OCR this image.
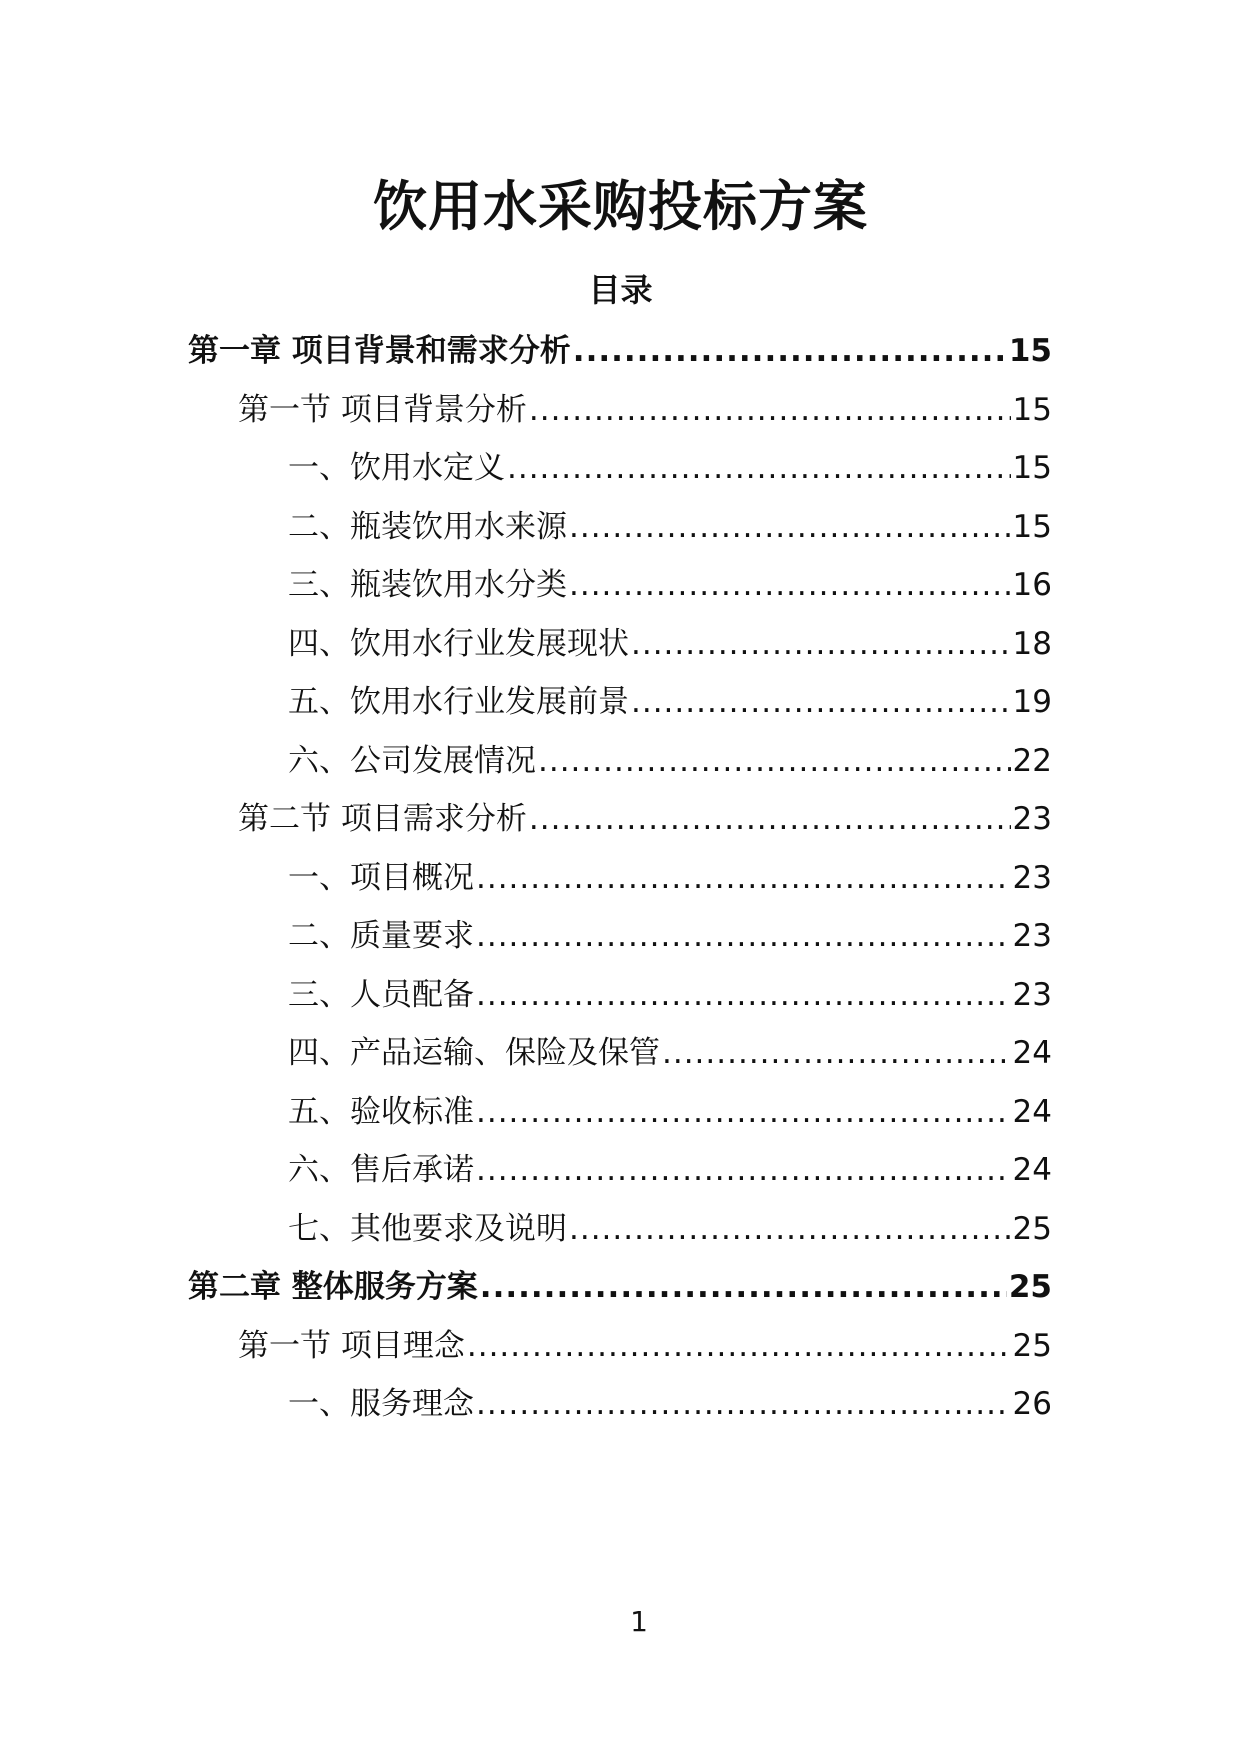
饮用水采购投标方案
目录
第一章 项目背景和需求分析 .....	15
第一节 项目背景分析 .....	15
一、饮用水定义 .....	15
二、瓶装饮用水来源 .....	15
三、瓶装饮用水分类 .....	16
四、饮用水行业发展现状 .....	18
五、饮用水行业发展前景 .....	19
六、公司发展情况 .....	22
第二节 项目需求分析 .....	23
一、项目概况 .....	23
二、质量要求 .....	23
三、人员配备 .....	23
四、产品运输、保险及保管 .....	24
五、验收标准 .....	24
六、售后承诺 .....	24
七、其他要求及说明 .....	25
第二章 整体服务方案 .....	25
第一节 项目理念 .....	25
一、服务理念 .....	26
1
